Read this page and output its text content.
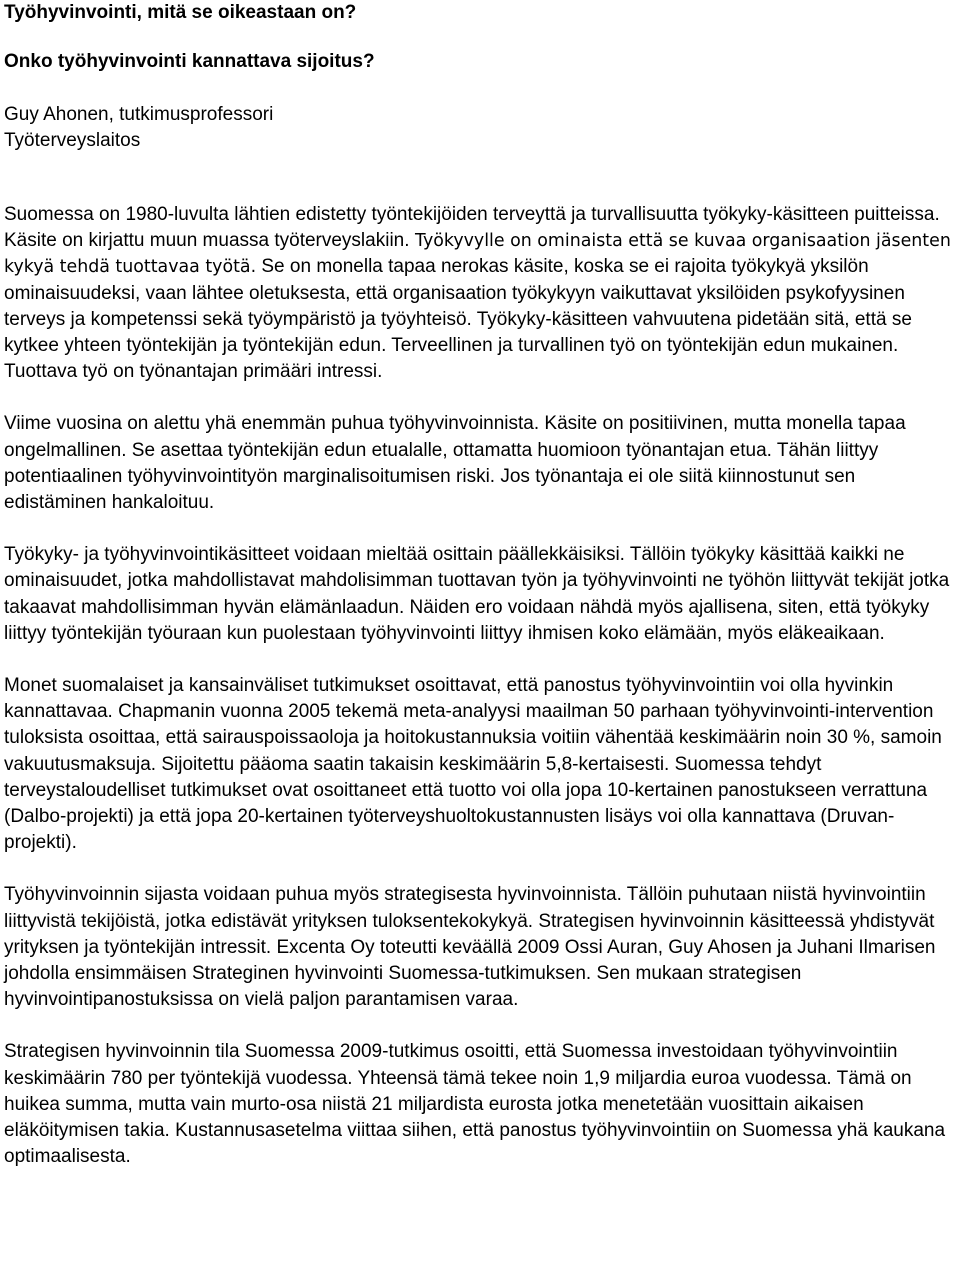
Työhyvinvointi, mitä se oikeastaan on?
Onko työhyvinvointi kannattava sijoitus?
Guy Ahonen, tutkimusprofessori
Työterveyslaitos

Suomessa on 1980-luvulta lähtien edistetty työntekijöiden terveyttä ja turvallisuutta työkyky-käsitteen puitteissa. Käsite on kirjattu muun muassa työterveyslakiin. Työkyvylle on ominaista että se kuvaa organisaation jäsenten kykyä tehdä tuottavaa työtä. Se on monella tapaa nerokas käsite, koska se ei rajoita työkykyä yksilön ominaisuudeksi, vaan lähtee oletuksesta, että organisaation työkykyyn vaikuttavat yksilöiden psykofyysinen terveys ja kompetenssi sekä työympäristö ja työyhteisö. Työkyky-käsitteen vahvuutena pidetään sitä, että se kytkee yhteen työntekijän ja työntekijän edun. Terveellinen ja turvallinen työ on työntekijän edun mukainen. Tuottava työ on työnantajan primääri intressi.

Viime vuosina on alettu yhä enemmän puhua työhyvinvoinnista. Käsite on positiivinen, mutta monella tapaa ongelmallinen. Se asettaa työntekijän edun etualalle, ottamatta huomioon työnantajan etua. Tähän liittyy potentiaalinen työhyvinvointityön marginalisoitumisen riski. Jos työnantaja ei ole siitä kiinnostunut sen edistäminen hankaloituu.

Työkyky- ja työhyvinvointikäsitteet voidaan mieltää osittain päällekkäisiksi. Tällöin työkyky käsittää kaikki ne ominaisuudet, jotka mahdollistavat mahdolisimman tuottavan työn ja työhyvinvointi ne työhön liittyvät tekijät jotka takaavat mahdollisimman hyvän elämänlaadun. Näiden ero voidaan nähdä myös ajallisena, siten, että työkyky liittyy työntekijän työuraan kun puolestaan työhyvinvointi liittyy ihmisen koko elämään, myös eläkeaikaan.

Monet suomalaiset ja kansainväliset tutkimukset osoittavat, että panostus työhyvinvointiin voi olla hyvinkin kannattavaa. Chapmanin vuonna 2005 tekemä meta-analyysi maailman 50 parhaan työhyvinvointi-intervention tuloksista osoittaa, että sairauspoissaoloja ja hoitokustannuksia voitiin vähentää keskimäärin noin 30 %, samoin vakuutusmaksuja. Sijoitettu pääoma saatin takaisin keskimäärin 5,8-kertaisesti. Suomessa tehdyt terveystaloudelliset tutkimukset ovat osoittaneet että tuotto voi olla jopa 10-kertainen panostukseen verrattuna (Dalbo-projekti) ja että jopa 20-kertainen työterveyshuoltokustannusten lisäys voi olla kannattava (Druvan-projekti).

Työhyvinvoinnin sijasta voidaan puhua myös strategisesta hyvinvoinnista. Tällöin puhutaan niistä hyvinvointiin liittyvistä tekijöistä, jotka edistävät yrityksen tuloksentekokykyä. Strategisen hyvinvoinnin käsitteessä yhdistyvät yrityksen ja työntekijän intressit. Excenta Oy toteutti keväällä 2009 Ossi Auran, Guy Ahosen ja Juhani Ilmarisen johdolla ensimmäisen Strateginen hyvinvointi Suomessa-tutkimuksen. Sen mukaan strategisen hyvinvointipanostuksissa on vielä paljon parantamisen varaa.

Strategisen hyvinvoinnin tila Suomessa 2009-tutkimus osoitti, että Suomessa investoidaan työhyvinvointiin keskimäärin 780 per työntekijä vuodessa. Yhteensä tämä tekee noin 1,9 miljardia euroa vuodessa. Tämä on huikea summa, mutta vain murto-osa niistä 21 miljardista eurosta jotka menetetään vuosittain aikaisen eläköitymisen takia. Kustannusasetelma viittaa siihen, että panostus työhyvinvointiin on Suomessa yhä kaukana optimaalisesta.
